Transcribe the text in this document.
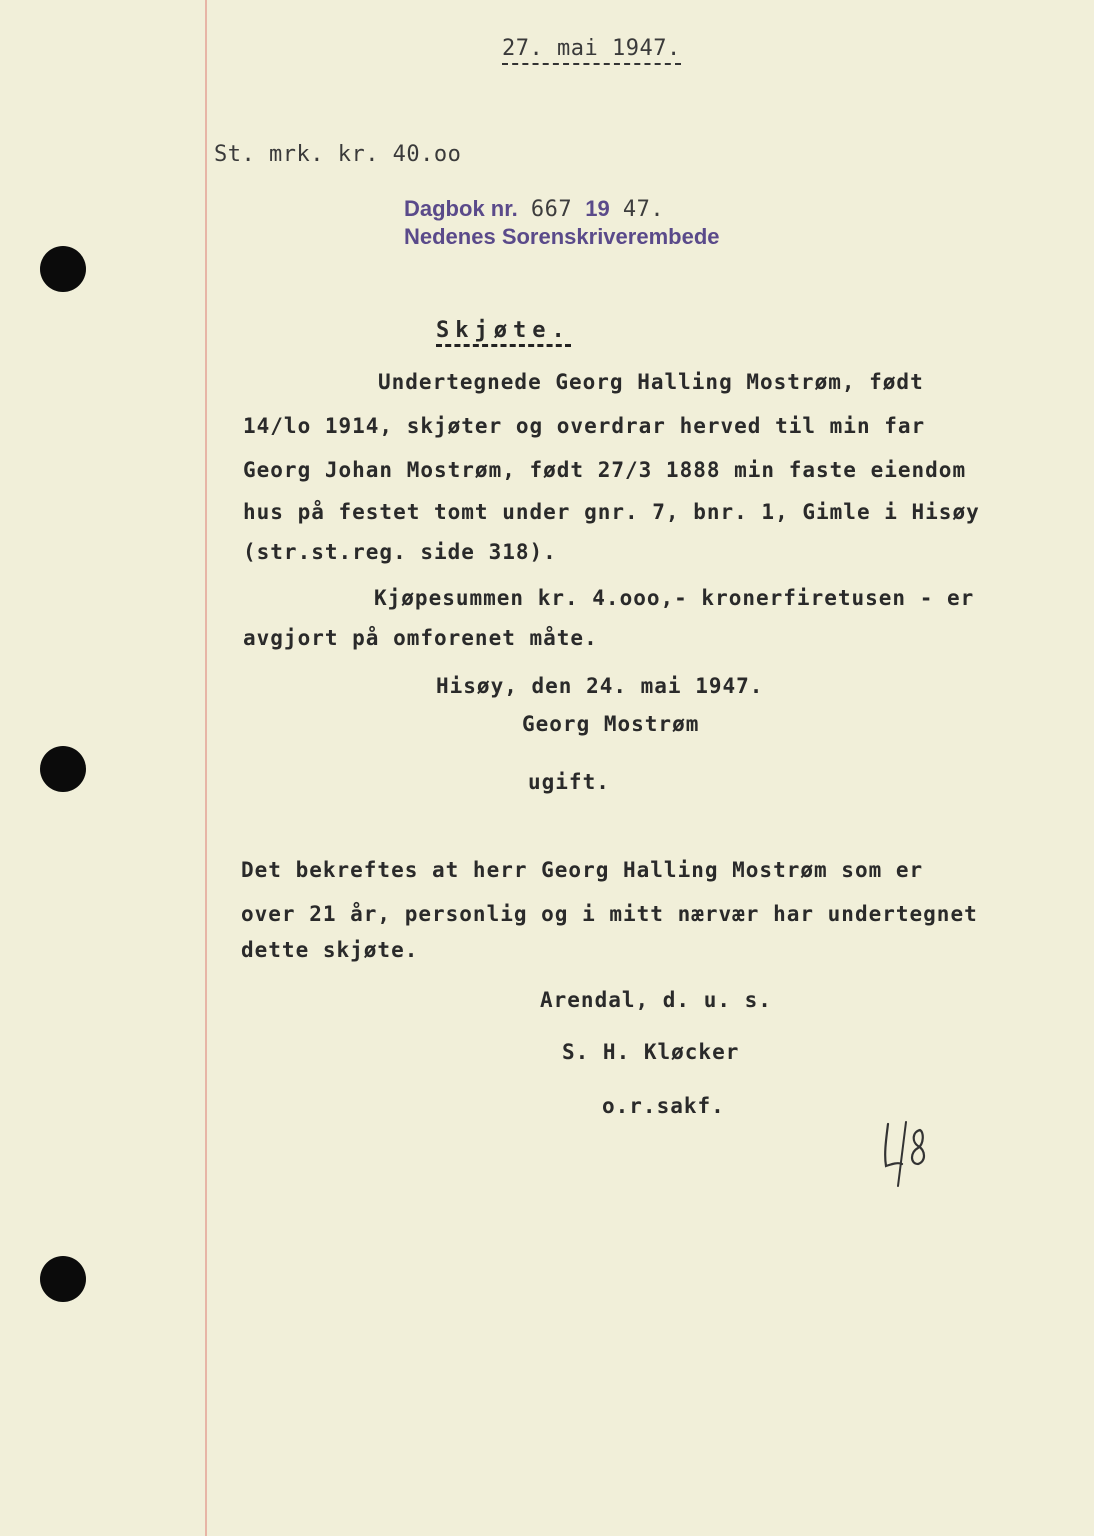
27. mai 1947.
St. mrk. kr. 40.oo
Dagbok nr. 667 19 47.
Nedenes Sorenskriverembede
Skjøte.
Undertegnede Georg Halling Mostrøm, født
14/lo 1914, skjøter og overdrar herved til min far
Georg Johan Mostrøm, født 27/3 1888 min faste eiendom
hus på festet tomt under gnr. 7, bnr. 1, Gimle i Hisøy
(str.st.reg. side 318).
Kjøpesummen kr. 4.ooo,- kronerfiretusen - er
avgjort på omforenet måte.
Hisøy, den 24. mai 1947.
Georg Mostrøm
ugift.
Det bekreftes at herr Georg Halling Mostrøm som er
over 21 år, personlig og i mitt nærvær har undertegnet
dette skjøte.
Arendal, d. u. s.
S. H. Kløcker
o.r.sakf.
